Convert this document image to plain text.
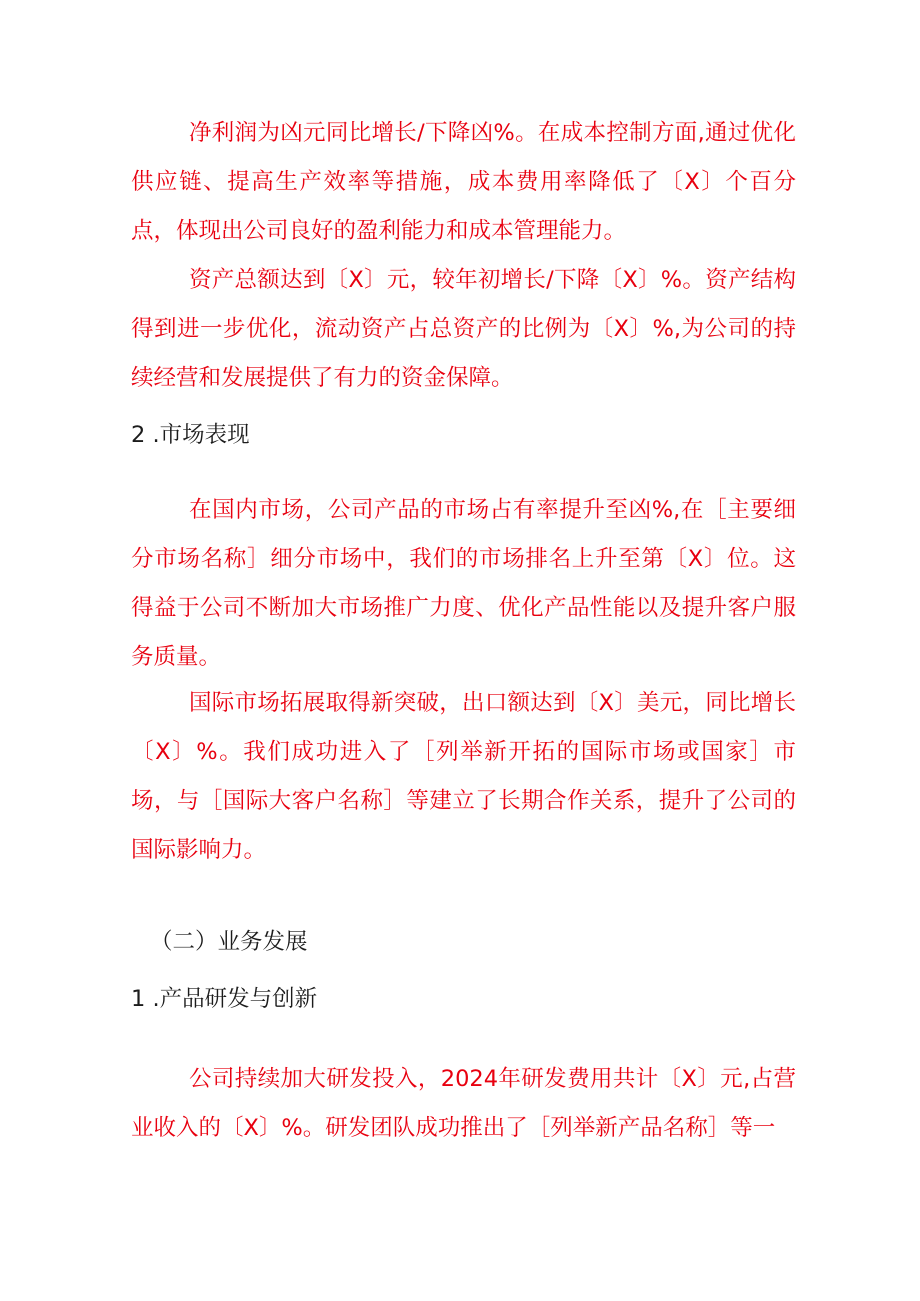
净利润为凶元同比增长/下降凶%。在成本控制方面,通过优化供应链、提高生产效率等措施，成本费用率降低了〔X〕个百分点，体现出公司良好的盈利能力和成本管理能力。

资产总额达到〔X〕元，较年初增长/下降〔X〕%。资产结构得到进一步优化，流动资产占总资产的比例为〔X〕%,为公司的持续经营和发展提供了有力的资金保障。

2 .市场表现

在国内市场，公司产品的市场占有率提升至凶%,在［主要细分市场名称］细分市场中，我们的市场排名上升至第〔X〕位。这得益于公司不断加大市场推广力度、优化产品性能以及提升客户服务质量。

国际市场拓展取得新突破，出口额达到〔X〕美元，同比增长〔X〕%。我们成功进入了［列举新开拓的国际市场或国家］市场，与［国际大客户名称］等建立了长期合作关系，提升了公司的国际影响力。

（二）业务发展
1 .产品研发与创新

公司持续加大研发投入，2024年研发费用共计〔X〕元,占营业收入的〔X〕%。研发团队成功推出了［列举新产品名称］等一
